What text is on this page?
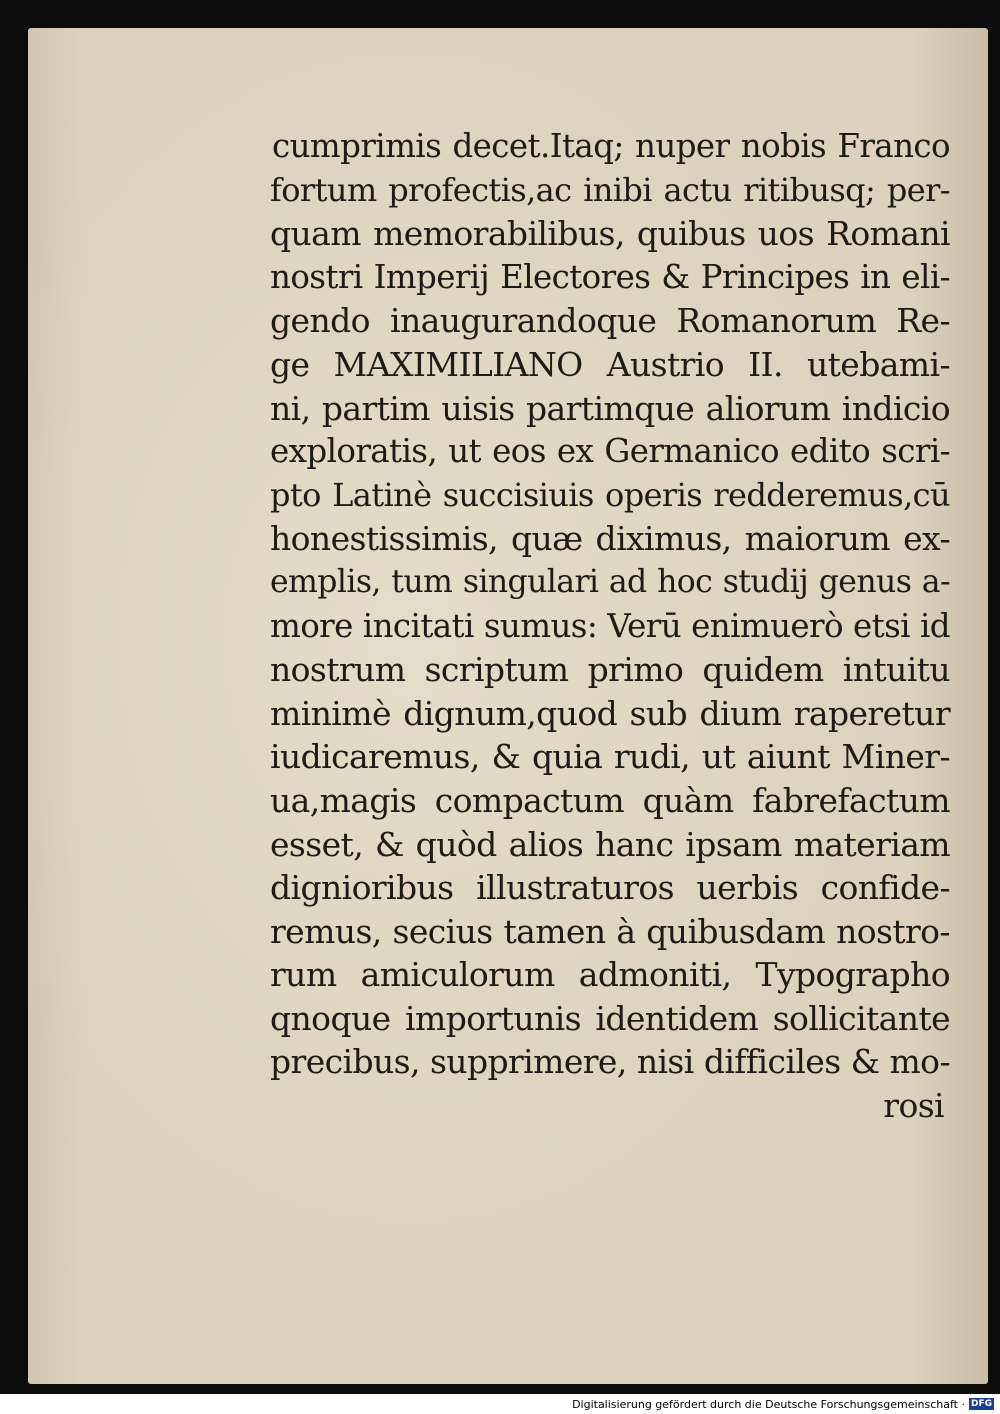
cumprimis decet.Itaq; nuper nobis Franco
fortum profectis,ac inibi actu ritibusq; per-
quam memorabilibus, quibus uos Romani
nostri Imperij Electores & Principes in eli-
gendo inaugurandoque Romanorum Re-
ge MAXIMILIANO Austrio II. utebami-
ni, partim uisis partimque aliorum indicio
exploratis, ut eos ex Germanico edito scri-
pto Latinè succisiuis operis redderemus,cū
honestissimis, quæ diximus, maiorum ex-
emplis, tum singulari ad hoc studij genus a-
more incitati sumus: Verū enimuerò etsi id
nostrum scriptum primo quidem intuitu
minimè dignum,quod sub dium raperetur
iudicaremus, & quia rudi, ut aiunt Miner-
ua,magis compactum quàm fabrefactum
esset, & quòd alios hanc ipsam materiam
dignioribus illustraturos uerbis confide-
remus, secius tamen à quibusdam nostro-
rum amiculorum admoniti, Typographo
qnoque importunis identidem sollicitante
precibus, supprimere, nisi difficiles & mo-
rosi
Digitalisierung gefördert durch die Deutsche Forschungsgemeinschaft · DFG
